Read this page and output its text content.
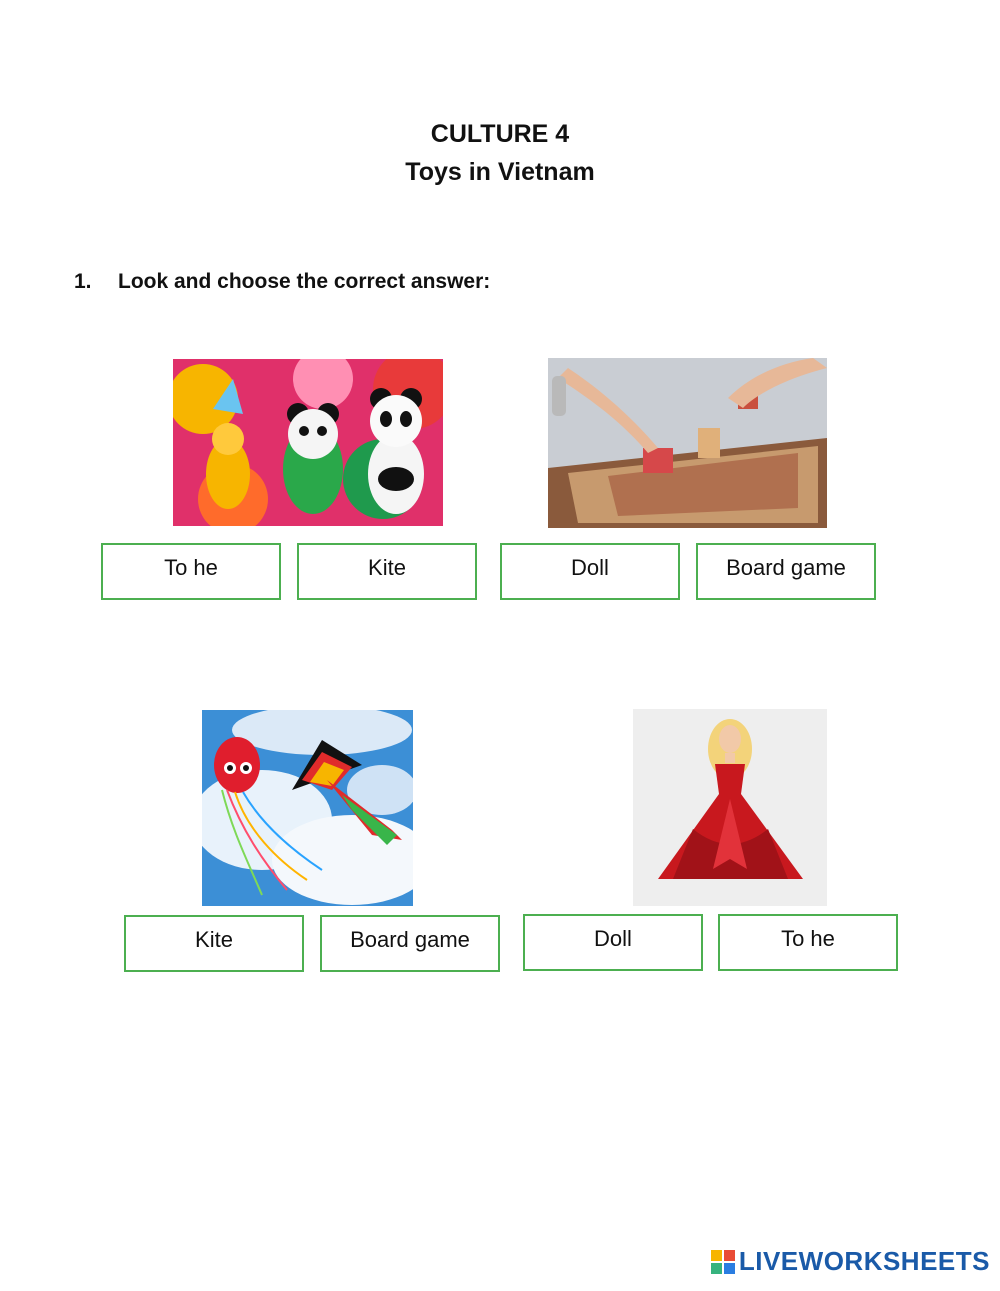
CULTURE 4
Toys in Vietnam
1. Look and choose the correct answer:
To he	Kite	Doll	Board game
Kite	Board game	Doll	To he
LIVEWORKSHEETS
